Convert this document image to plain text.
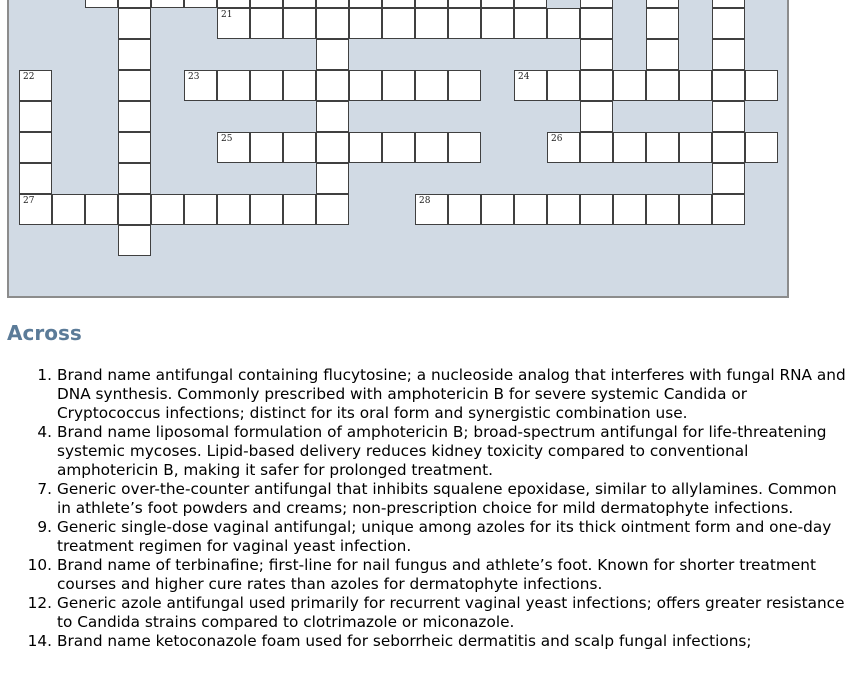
21
23	24
25	26
27	28
22
Across
1. Brand name antifungal containing flucytosine; a nucleoside analog that interferes with fungal RNA and DNA synthesis. Commonly prescribed with amphotericin B for severe systemic Candida or Cryptococcus infections; distinct for its oral form and synergistic combination use.
4. Brand name liposomal formulation of amphotericin B; broad-spectrum antifungal for life-threatening systemic mycoses. Lipid-based delivery reduces kidney toxicity compared to conventional amphotericin B, making it safer for prolonged treatment.
7. Generic over-the-counter antifungal that inhibits squalene epoxidase, similar to allylamines. Common in athlete’s foot powders and creams; non-prescription choice for mild dermatophyte infections.
9. Generic single-dose vaginal antifungal; unique among azoles for its thick ointment form and one-day treatment regimen for vaginal yeast infection.
10. Brand name of terbinafine; first-line for nail fungus and athlete’s foot. Known for shorter treatment courses and higher cure rates than azoles for dermatophyte infections.
12. Generic azole antifungal used primarily for recurrent vaginal yeast infections; offers greater resistance to Candida strains compared to clotrimazole or miconazole.
14. Brand name ketoconazole foam used for seborrheic dermatitis and scalp fungal infections;
